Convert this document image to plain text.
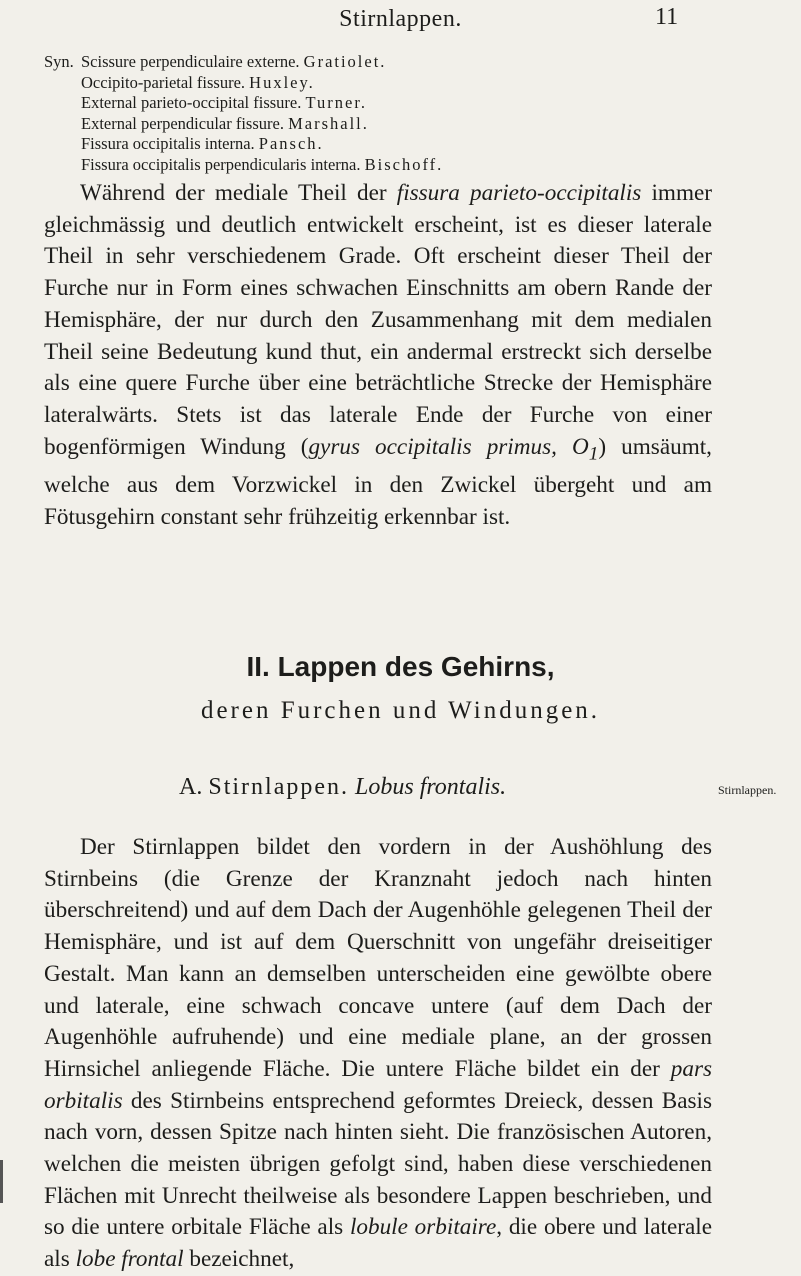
Stirnlappen.	11
Syn. Scissure perpendiculaire externe. Gratiolet.
Occipito-parietal fissure. Huxley.
External parieto-occipital fissure. Turner.
External perpendicular fissure. Marshall.
Fissura occipitalis interna. Pansch.
Fissura occipitalis perpendicularis interna. Bischoff.

Während der mediale Theil der fissura parieto-occipitalis immer gleichmässig und deutlich entwickelt erscheint, ist es dieser laterale Theil in sehr verschiedenem Grade. Oft erscheint dieser Theil der Furche nur in Form eines schwachen Einschnitts am obern Rande der Hemisphäre, der nur durch den Zusammenhang mit dem medialen Theil seine Bedeutung kund thut, ein andermal erstreckt sich derselbe als eine quere Furche über eine beträchtliche Strecke der Hemisphäre lateralwärts. Stets ist das laterale Ende der Furche von einer bogenförmigen Windung (gyrus occipitalis primus, $O_1$) umsäumt, welche aus dem Vorzwickel in den Zwickel übergeht und am Fötusgehirn constant sehr frühzeitig erkennbar ist.

II. Lappen des Gehirns,
deren Furchen und Windungen.
A. Stirnlappen. Lobus frontalis.	Stirnlappen.

Der Stirnlappen bildet den vordern in der Aushöhlung des Stirnbeins (die Grenze der Kranznaht jedoch nach hinten überschreitend) und auf dem Dach der Augenhöhle gelegenen Theil der Hemisphäre, und ist auf dem Querschnitt von ungefähr dreiseitiger Gestalt. Man kann an demselben unterscheiden eine gewölbte obere und laterale, eine schwach concave untere (auf dem Dach der Augenhöhle aufruhende) und eine mediale plane, an der grossen Hirnsichel anliegende Fläche. Die untere Fläche bildet ein der pars orbitalis des Stirnbeins entsprechend geformtes Dreieck, dessen Basis nach vorn, dessen Spitze nach hinten sieht. Die französischen Autoren, welchen die meisten übrigen gefolgt sind, haben diese verschiedenen Flächen mit Unrecht theilweise als besondere Lappen beschrieben, und so die untere orbitale Fläche als lobule orbitaire, die obere und laterale als lobe frontal bezeichnet,
